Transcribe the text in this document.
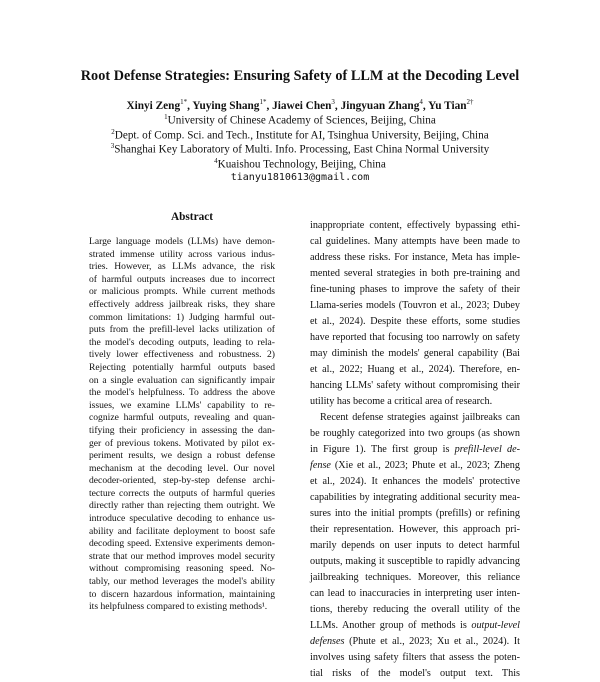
Root Defense Strategies: Ensuring Safety of LLM at the Decoding Level
Xinyi Zeng$^{1*}$, Yuying Shang$^{1*}$, Jiawei Chen$^3$, Jingyuan Zhang$^4$, Yu Tian$^{2\dagger}$
$^1$University of Chinese Academy of Sciences, Beijing, China
$^2$Dept. of Comp. Sci. and Tech., Institute for AI, Tsinghua University, Beijing, China
$^3$Shanghai Key Laboratory of Multi. Info. Processing, East China Normal University
$^4$Kuaishou Technology, Beijing, China
tianyu1810613@gmail.com
Abstract
Large language models (LLMs) have demon-
strated immense utility across various indus-
tries. However, as LLMs advance, the risk
of harmful outputs increases due to incorrect
or malicious prompts. While current methods
effectively address jailbreak risks, they share
common limitations: 1) Judging harmful out-
puts from the prefill-level lacks utilization of
the model's decoding outputs, leading to rela-
tively lower effectiveness and robustness. 2)
Rejecting potentially harmful outputs based
on a single evaluation can significantly impair
the model's helpfulness. To address the above
issues, we examine LLMs' capability to re-
cognize harmful outputs, revealing and quan-
tifying their proficiency in assessing the dan-
ger of previous tokens. Motivated by pilot ex-
periment results, we design a robust defense
mechanism at the decoding level. Our novel
decoder-oriented, step-by-step defense archi-
tecture corrects the outputs of harmful queries
directly rather than rejecting them outright. We
introduce speculative decoding to enhance us-
ability and facilitate deployment to boost safe
decoding speed. Extensive experiments demon-
strate that our method improves model security
without compromising reasoning speed. No-
tably, our method leverages the model's ability
to discern hazardous information, maintaining
its helpfulness compared to existing methods¹.
inappropriate content, effectively bypassing ethi-
cal guidelines. Many attempts have been made to
address these risks. For instance, Meta has imple-
mented several strategies in both pre-training and
fine-tuning phases to improve the safety of their
Llama-series models (Touvron et al., 2023; Dubey
et al., 2024). Despite these efforts, some studies
have reported that focusing too narrowly on safety
may diminish the models' general capability (Bai
et al., 2022; Huang et al., 2024). Therefore, en-
hancing LLMs' safety without compromising their
utility has become a critical area of research.
Recent defense strategies against jailbreaks can
be roughly categorized into two groups (as shown
in Figure 1). The first group is prefill-level de-
fense (Xie et al., 2023; Phute et al., 2023; Zheng
et al., 2024). It enhances the models' protective
capabilities by integrating additional security mea-
sures into the initial prompts (prefills) or refining
their representation. However, this approach pri-
marily depends on user inputs to detect harmful
outputs, making it susceptible to rapidly advancing
jailbreaking techniques. Moreover, this reliance
can lead to inaccuracies in interpreting user inten-
tions, thereby reducing the overall utility of the
LLMs. Another group of methods is output-level
defenses (Phute et al., 2023; Xu et al., 2024). It
involves using safety filters that assess the poten-
tial risks of the model's output text. This
